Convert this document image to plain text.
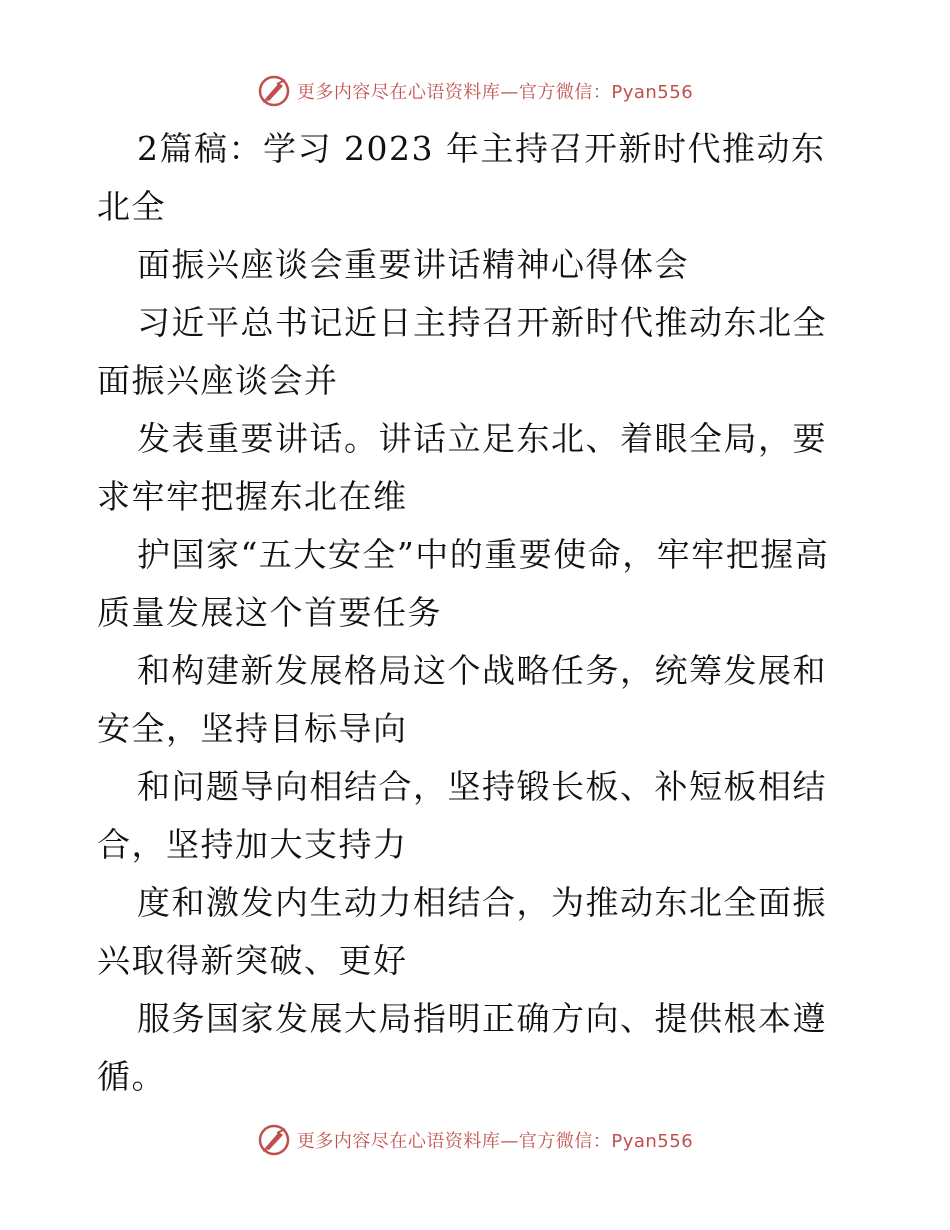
更多内容尽在心语资料库—官方微信：Pyan556

2篇稿：学习 2023 年主持召开新时代推动东北全

面振兴座谈会重要讲话精神心得体会

习近平总书记近日主持召开新时代推动东北全面振兴座谈会并

发表重要讲话。讲话立足东北、着眼全局，要求牢牢把握东北在维

护国家“五大安全”中的重要使命，牢牢把握高质量发展这个首要任务

和构建新发展格局这个战略任务，统筹发展和安全，坚持目标导向

和问题导向相结合，坚持锻长板、补短板相结合，坚持加大支持力

度和激发内生动力相结合，为推动东北全面振兴取得新突破、更好

服务国家发展大局指明正确方向、提供根本遵循。

更多内容尽在心语资料库—官方微信：Pyan556
